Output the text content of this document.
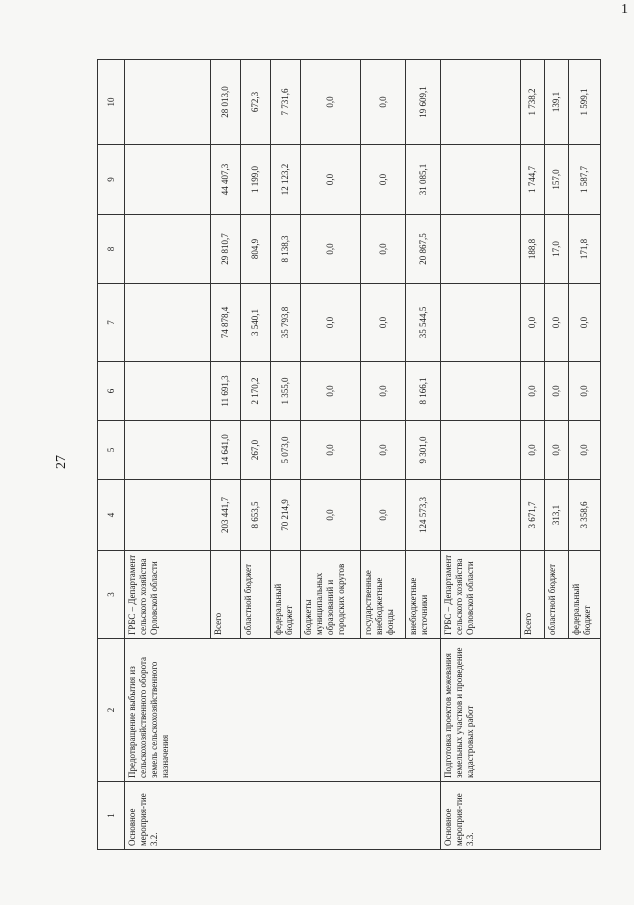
27
1
1	2	3	4	5	6	7	8	9	10
Основное мероприя-тие 3.2.	Предотвращение выбытия из сельскохозяйственного оборота земель сельскохозяйственного назначения	ГРБС – Департамент сельского хозяйства Орловской области							
		Всего	203 441,7	14 641,0	11 691,3	74 878,4	29 810,7	44 407,3	28 013,0
		областной бюджет	8 653,5	267,0	2 170,2	3 540,1	804,9	1 199,0	672,3
		федеральный бюджет	70 214,9	5 073,0	1 355,0	35 793,8	8 138,3	12 123,2	7 731,6
		бюджеты муниципальных образований и городских округов	0,0	0,0	0,0	0,0	0,0	0,0	0,0
		государственные внебюджетные фонды	0,0	0,0	0,0	0,0	0,0	0,0	0,0
		внебюджетные источники	124 573,3	9 301,0	8 166,1	35 544,5	20 867,5	31 085,1	19 609,1
Основное мероприя-тие 3.3.	Подготовка проектов межевания земельных участков и проведение кадастровых работ	ГРБС – Департамент сельского хозяйства Орловской области							
		Всего	3 671,7	0,0	0,0	0,0	188,8	1 744,7	1 738,2
		областной бюджет	313,1	0,0	0,0	0,0	17,0	157,0	139,1
		федеральный бюджет	3 358,6	0,0	0,0	0,0	171,8	1 587,7	1 599,1
